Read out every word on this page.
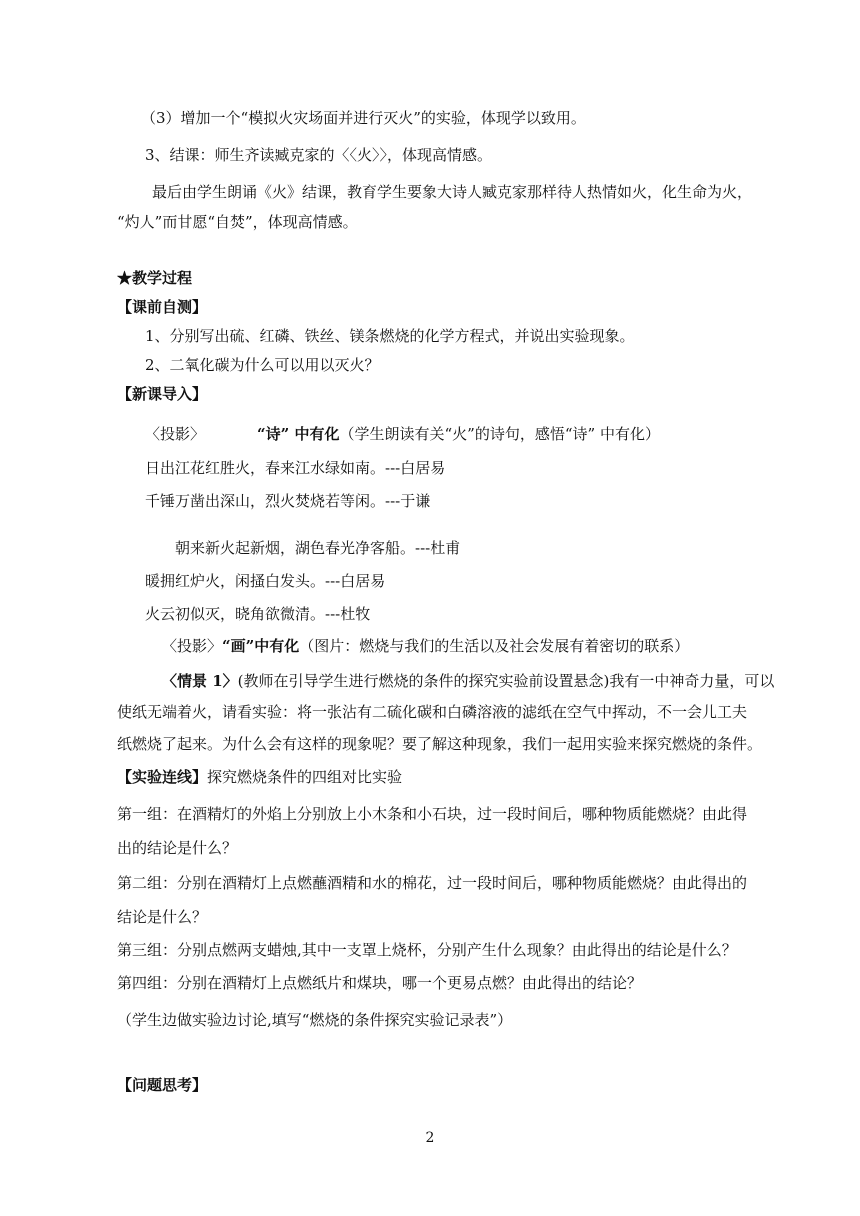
（3）增加一个“模拟火灾场面并进行灭火”的实验，体现学以致用。
3、结课：师生齐读臧克家的〈〈火〉〉，体现高情感。
最后由学生朗诵《火》结课，教育学生要象大诗人臧克家那样待人热情如火，化生命为火，
“灼人”而甘愿“自焚”，体现高情感。
★教学过程
【课前自测】
1、分别写出硫、红磷、铁丝、镁条燃烧的化学方程式，并说出实验现象。
2、二氧化碳为什么可以用以灭火？
【新课导入】
〈投影〉	“诗” 中有化（学生朗读有关“火”的诗句，感悟“诗” 中有化）
日出江花红胜火，春来江水绿如南。---白居易
千锤万凿出深山，烈火焚烧若等闲。---于谦
朝来新火起新烟，湖色春光净客船。---杜甫
暖拥红炉火，闲搔白发头。---白居易
火云初似灭，晓角欲微清。---杜牧
〈投影〉“画”中有化（图片：燃烧与我们的生活以及社会发展有着密切的联系）
〈情景 1〉(教师在引导学生进行燃烧的条件的探究实验前设置悬念)我有一中神奇力量，可以
使纸无端着火，请看实验：将一张沾有二硫化碳和白磷溶液的滤纸在空气中挥动，不一会儿工夫
纸燃烧了起来。为什么会有这样的现象呢？要了解这种现象，我们一起用实验来探究燃烧的条件。
【实验连线】探究燃烧条件的四组对比实验
第一组：在酒精灯的外焰上分别放上小木条和小石块，过一段时间后，哪种物质能燃烧？由此得
出的结论是什么？
第二组：分别在酒精灯上点燃蘸酒精和水的棉花，过一段时间后，哪种物质能燃烧？由此得出的
结论是什么？
第三组：分别点燃两支蜡烛,其中一支罩上烧杯，分别产生什么现象？由此得出的结论是什么？
第四组：分别在酒精灯上点燃纸片和煤块，哪一个更易点燃？由此得出的结论？
（学生边做实验边讨论,填写“燃烧的条件探究实验记录表”）
【问题思考】
2
